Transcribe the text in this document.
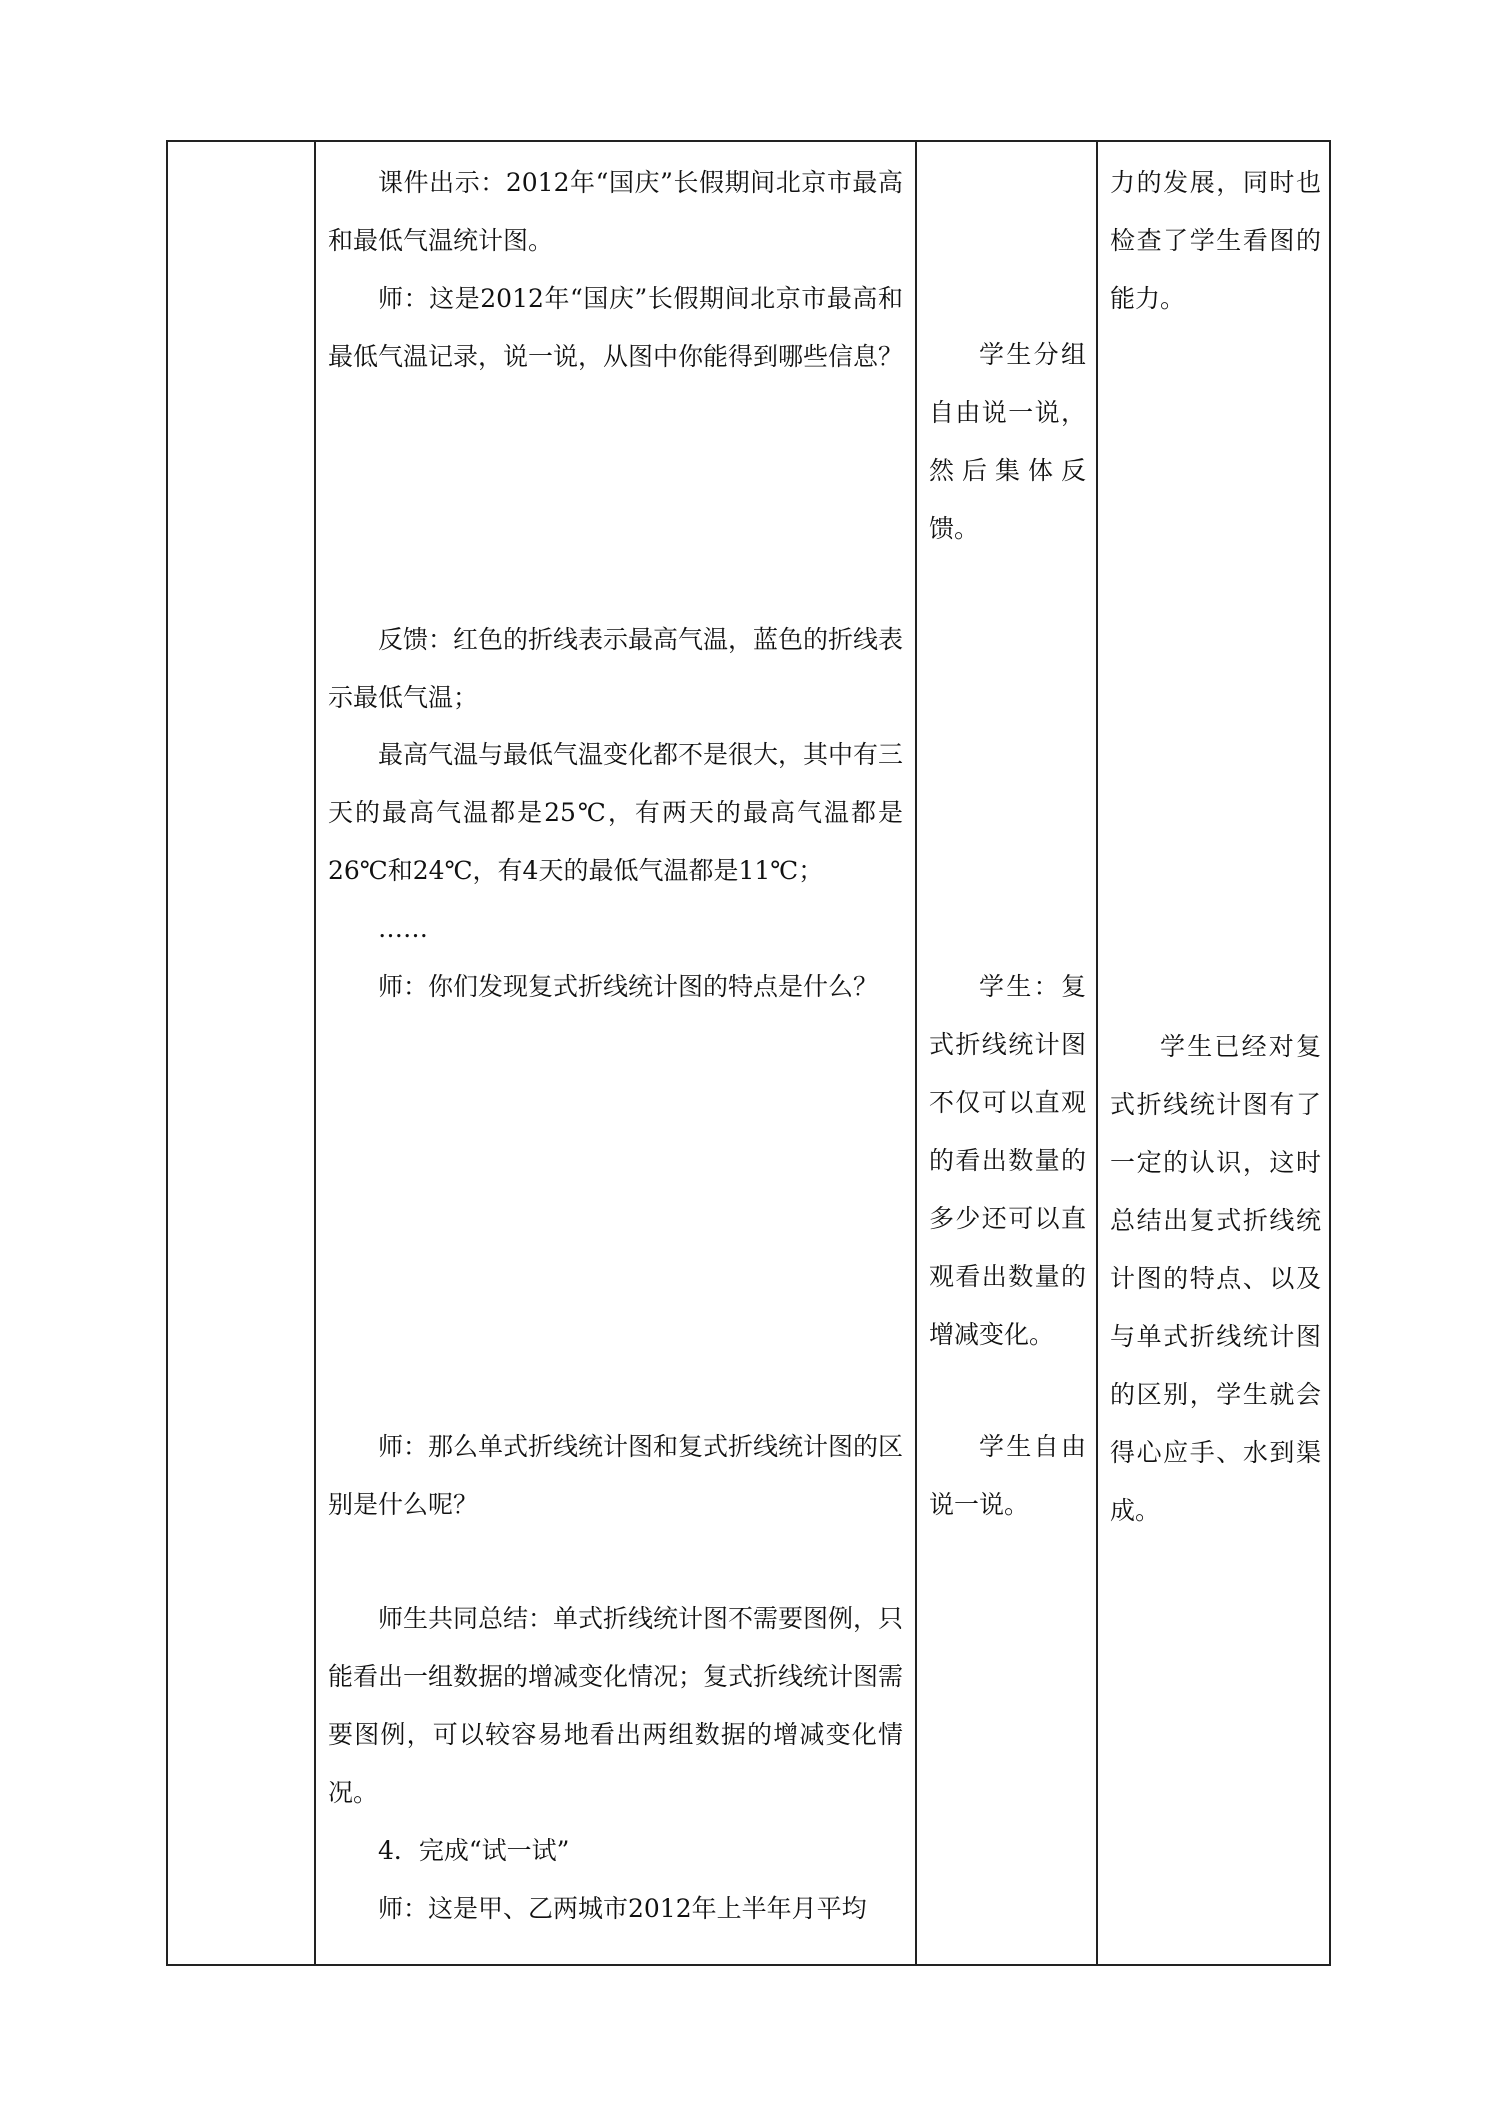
课件出示：2012年“国庆”长假期间北京市最高和最低气温统计图。

师：这是2012年“国庆”长假期间北京市最高和最低气温记录，说一说，从图中你能得到哪些信息？

反馈：红色的折线表示最高气温，蓝色的折线表示最低气温；

最高气温与最低气温变化都不是很大，其中有三天的最高气温都是25℃，有两天的最高气温都是26℃和24℃，有4天的最低气温都是11℃；

……

师：你们发现复式折线统计图的特点是什么？

师：那么单式折线统计图和复式折线统计图的区别是什么呢？

师生共同总结：单式折线统计图不需要图例，只能看出一组数据的增减变化情况；复式折线统计图需要图例，可以较容易地看出两组数据的增减变化情况。

4．完成“试一试”

师：这是甲、乙两城市2012年上半年月平均

学生分组自由说一说，然后集体反馈。

学生：复式折线统计图不仅可以直观的看出数量的多少还可以直观看出数量的增减变化。

学生自由说一说。

力的发展，同时也检查了学生看图的能力。

学生已经对复式折线统计图有了一定的认识，这时总结出复式折线统计图的特点、以及与单式折线统计图的区别，学生就会得心应手、水到渠成。
